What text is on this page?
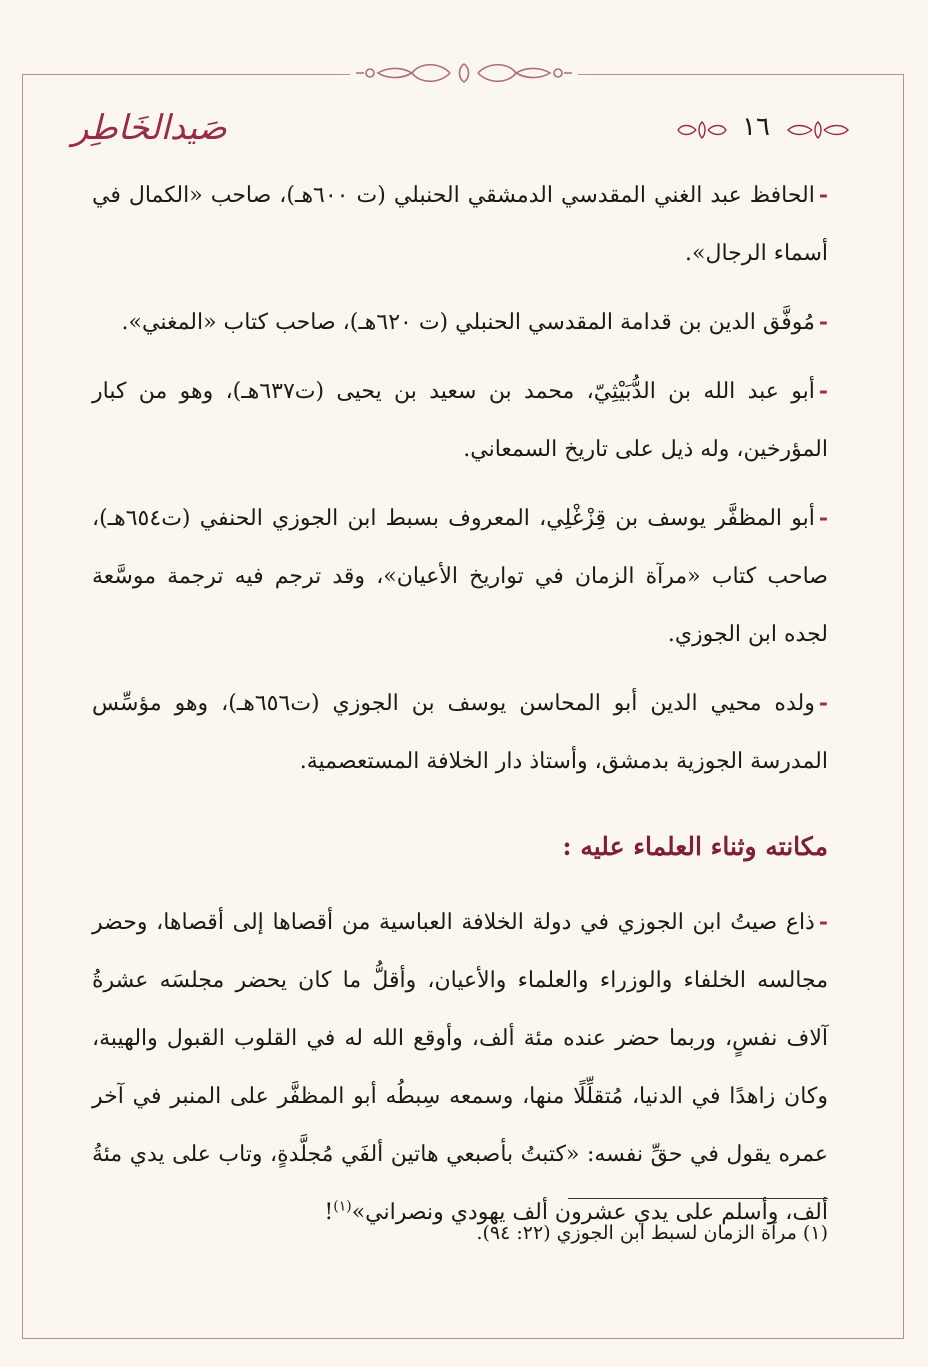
صَيدالخَاطِر	١٦

-الحافظ عبد الغني المقدسي الدمشقي الحنبلي (ت ٦٠٠هـ)، صاحب «الكمال في أسماء الرجال».

-مُوفَّق الدين بن قدامة المقدسي الحنبلي (ت ٦٢٠هـ)، صاحب كتاب «المغني».

-أبو عبد الله بن الدُّبَيْثِيّ، محمد بن سعيد بن يحيى (ت٦٣٧هـ)، وهو من كبار المؤرخين، وله ذيل على تاريخ السمعاني.

-أبو المظفَّر يوسف بن قِزْغْلِي، المعروف بسبط ابن الجوزي الحنفي (ت٦٥٤هـ)، صاحب كتاب «مرآة الزمان في تواريخ الأعيان»، وقد ترجم فيه ترجمة موسَّعة لجده ابن الجوزي.

-ولده محيي الدين أبو المحاسن يوسف بن الجوزي (ت٦٥٦هـ)، وهو مؤسِّس المدرسة الجوزية بدمشق، وأستاذ دار الخلافة المستعصمية.

مكانته وثناء العلماء عليه :

-ذاع صيتُ ابن الجوزي في دولة الخلافة العباسية من أقصاها إلى أقصاها، وحضر مجالسه الخلفاء والوزراء والعلماء والأعيان، وأقلُّ ما كان يحضر مجلسَه عشرةُ آلاف نفسٍ، وربما حضر عنده مئة ألف، وأوقع الله له في القلوب القبول والهيبة، وكان زاهدًا في الدنيا، مُتقلِّلًا منها، وسمعه سِبطُه أبو المظفَّر على المنبر في آخر عمره يقول في حقِّ نفسه: «كتبتُ بأصبعي هاتين ألفَي مُجلَّدةٍ، وتاب على يدي مئةُ ألف، وأسلم على يدي عشرون ألف يهودي ونصراني»$^{(١)}$!

(١) مرآة الزمان لسبط ابن الجوزي (٢٢: ٩٤).
